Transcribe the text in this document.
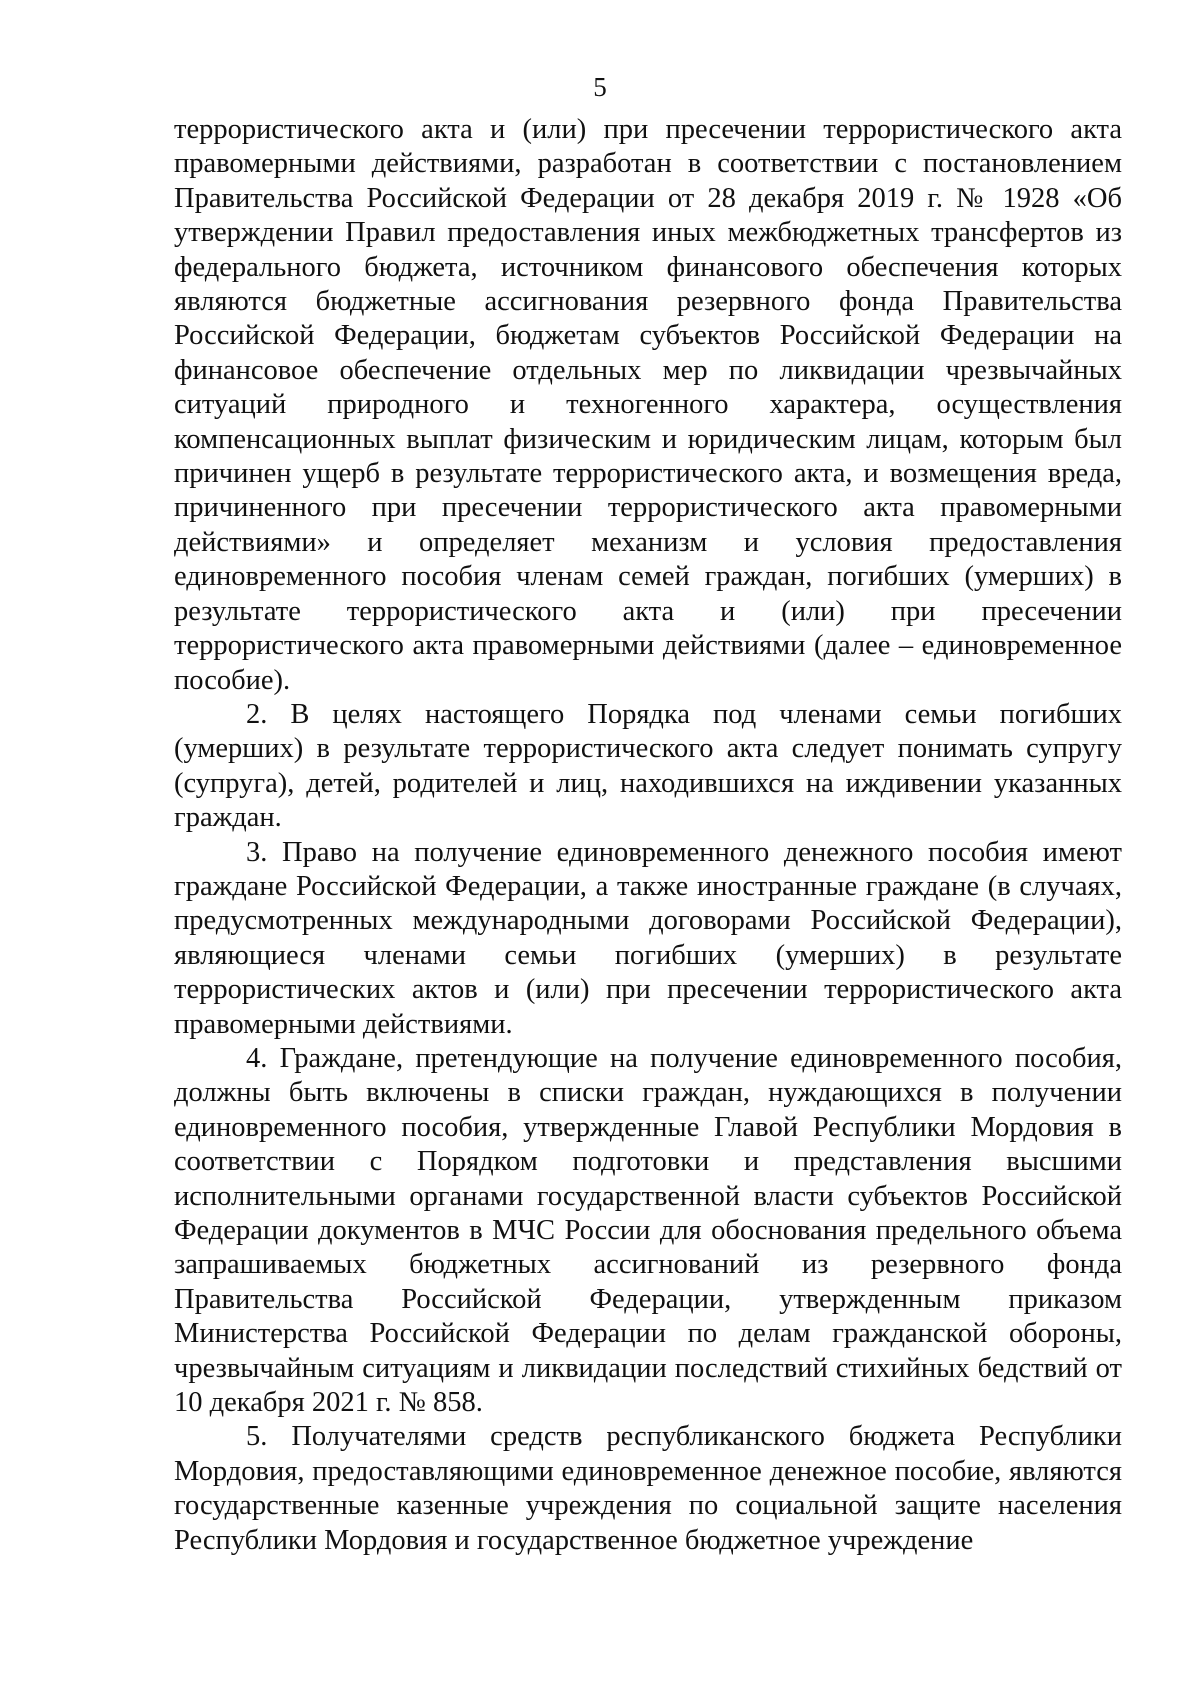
5

террористического акта и (или) при пресечении террористического акта правомерными действиями, разработан в соответствии с постановлением Правительства Российской Федерации от 28 декабря 2019 г. № 1928 «Об утверждении Правил предоставления иных межбюджетных трансфертов из федерального бюджета, источником финансового обеспечения которых являются бюджетные ассигнования резервного фонда Правительства Российской Федерации, бюджетам субъектов Российской Федерации на финансовое обеспечение отдельных мер по ликвидации чрезвычайных ситуаций природного и техногенного характера, осуществления компенсационных выплат физическим и юридическим лицам, которым был причинен ущерб в результате террористического акта, и возмещения вреда, причиненного при пресечении террористического акта правомерными действиями» и определяет механизм и условия предоставления единовременного пособия членам семей граждан, погибших (умерших) в результате террористического акта и (или) при пресечении террористического акта правомерными действиями (далее – единовременное пособие).

2. В целях настоящего Порядка под членами семьи погибших (умерших) в результате террористического акта следует понимать супругу (супруга), детей, родителей и лиц, находившихся на иждивении указанных граждан.

3. Право на получение единовременного денежного пособия имеют граждане Российской Федерации, а также иностранные граждане (в случаях, предусмотренных международными договорами Российской Федерации), являющиеся членами семьи погибших (умерших) в результате террористических актов и (или) при пресечении террористического акта правомерными действиями.

4. Граждане, претендующие на получение единовременного пособия, должны быть включены в списки граждан, нуждающихся в получении единовременного пособия, утвержденные Главой Республики Мордовия в соответствии с Порядком подготовки и представления высшими исполнительными органами государственной власти субъектов Российской Федерации документов в МЧС России для обоснования предельного объема запрашиваемых бюджетных ассигнований из резервного фонда Правительства Российской Федерации, утвержденным приказом Министерства Российской Федерации по делам гражданской обороны, чрезвычайным ситуациям и ликвидации последствий стихийных бедствий от 10 декабря 2021 г. № 858.

5. Получателями средств республиканского бюджета Республики Мордовия, предоставляющими единовременное денежное пособие, являются государственные казенные учреждения по социальной защите населения Республики Мордовия и государственное бюджетное учреждение
